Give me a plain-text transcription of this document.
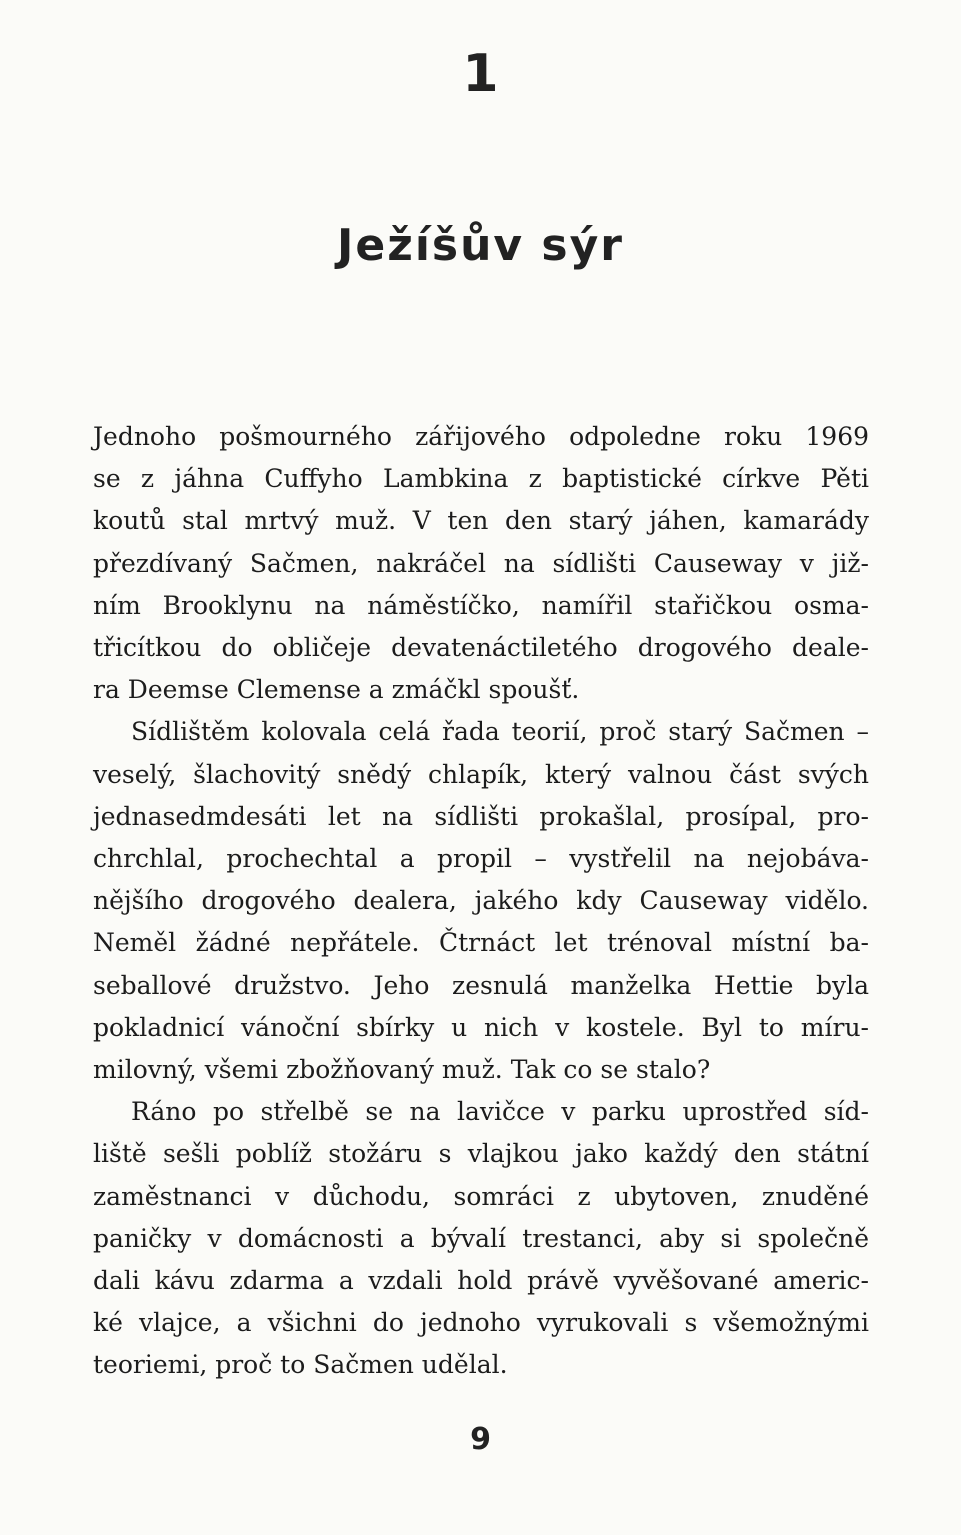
1
Ježíšův sýr
Jednoho pošmourného zářijového odpoledne roku 1969
se z jáhna Cuffyho Lambkina z baptistické církve Pěti
koutů stal mrtvý muž. V ten den starý jáhen, kamarády
přezdívaný Sačmen, nakráčel na sídlišti Causeway v již-
ním Brooklynu na náměstíčko, namířil stařičkou osma-
třicítkou do obličeje devatenáctiletého drogového deale-
ra Deemse Clemense a zmáčkl spoušť.
Sídlištěm kolovala celá řada teorií, proč starý Sačmen –
veselý, šlachovitý snědý chlapík, který valnou část svých
jednasedmdesáti let na sídlišti prokašlal, prosípal, pro-
chrchlal, prochechtal a propil – vystřelil na nejobáva-
nějšího drogového dealera, jakého kdy Causeway vidělo.
Neměl žádné nepřátele. Čtrnáct let trénoval místní ba-
seballové družstvo. Jeho zesnulá manželka Hettie byla
pokladnicí vánoční sbírky u nich v kostele. Byl to míru-
milovný, všemi zbožňovaný muž. Tak co se stalo?
Ráno po střelbě se na lavičce v parku uprostřed síd-
liště sešli poblíž stožáru s vlajkou jako každý den státní
zaměstnanci v důchodu, somráci z ubytoven, znuděné
paničky v domácnosti a bývalí trestanci, aby si společně
dali kávu zdarma a vzdali hold právě vyvěšované americ-
ké vlajce, a všichni do jednoho vyrukovali s všemožnými
teoriemi, proč to Sačmen udělal.
9
